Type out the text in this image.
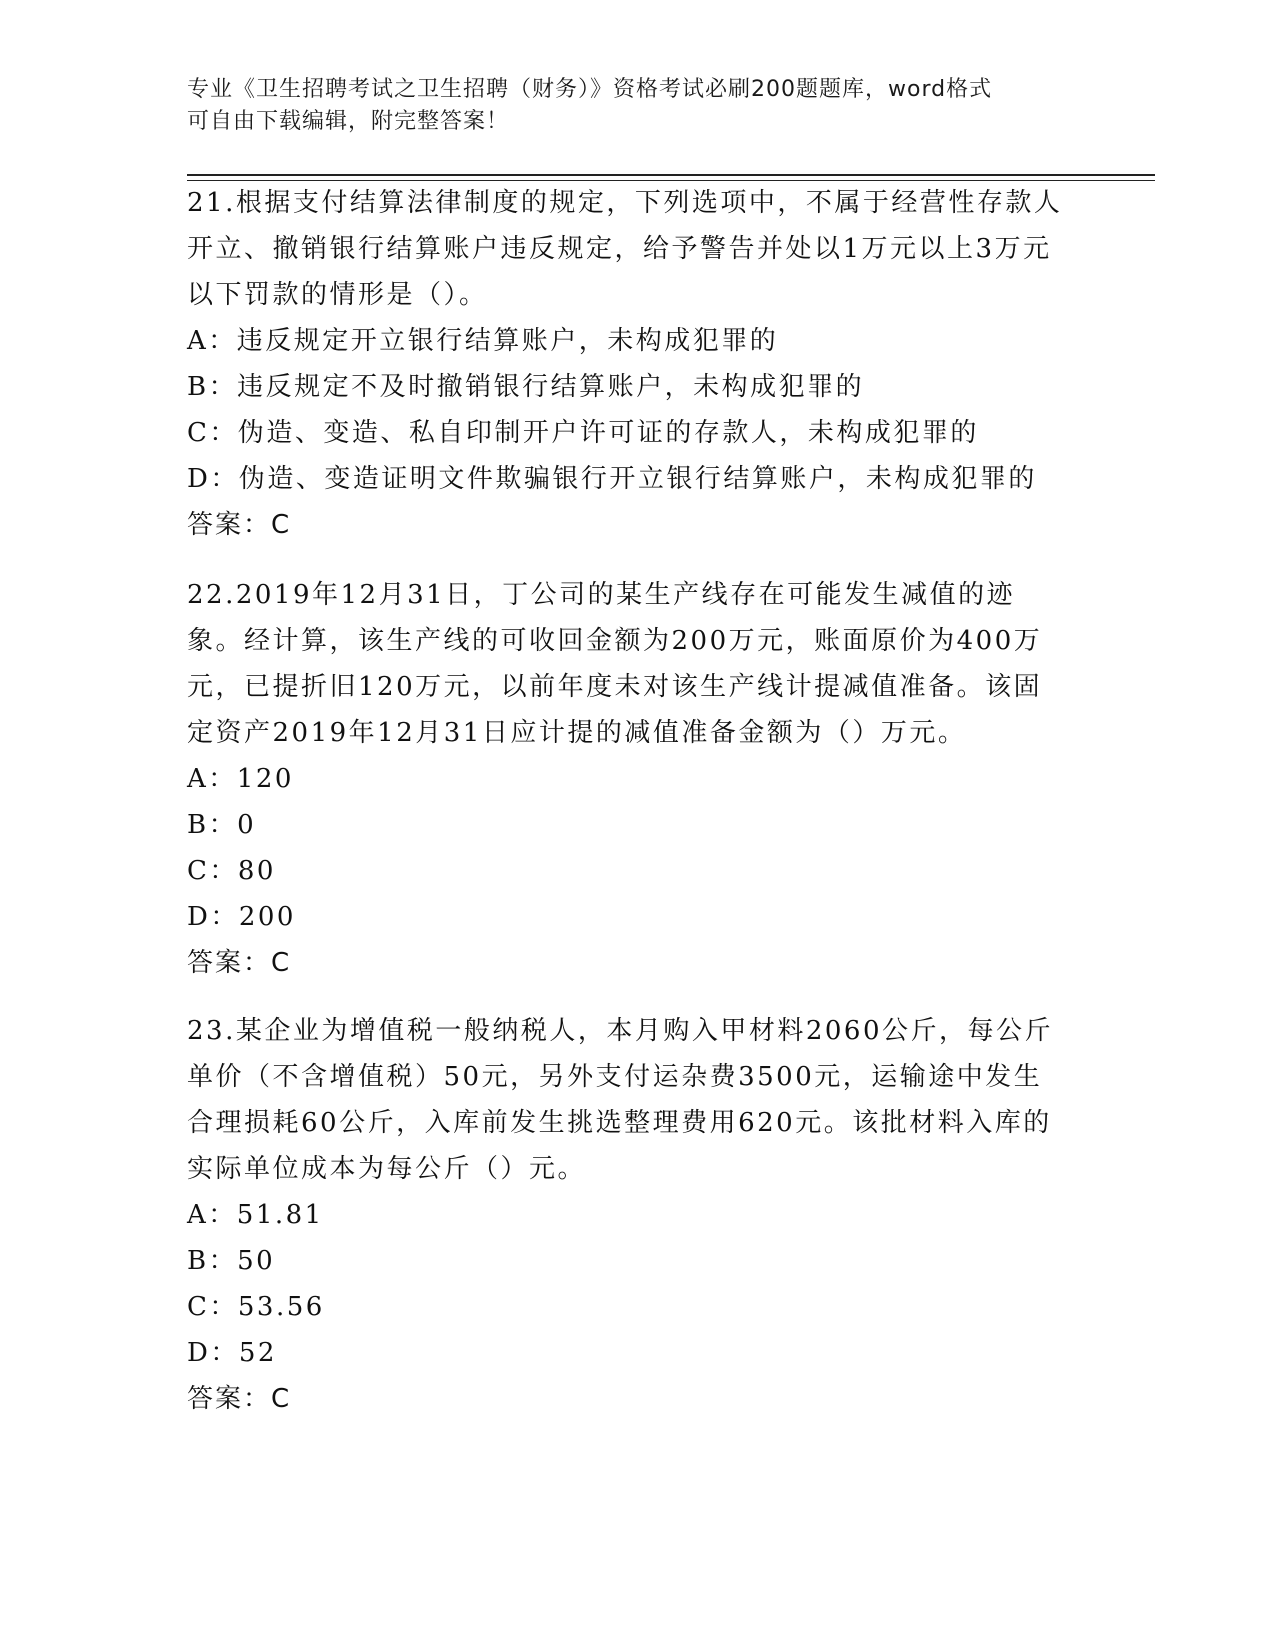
专业《卫生招聘考试之卫生招聘（财务）》资格考试必刷200题题库，word格式
可自由下载编辑，附完整答案！

21.根据支付结算法律制度的规定，下列选项中，不属于经营性存款人开立、撤销银行结算账户违反规定，给予警告并处以1万元以上3万元以下罚款的情形是（）。

A：违反规定开立银行结算账户，未构成犯罪的

B：违反规定不及时撤销银行结算账户，未构成犯罪的

C：伪造、变造、私自印制开户许可证的存款人，未构成犯罪的

D：伪造、变造证明文件欺骗银行开立银行结算账户，未构成犯罪的

答案：C

22.2019年12月31日，丁公司的某生产线存在可能发生减值的迹象。经计算，该生产线的可收回金额为200万元，账面原价为400万元，已提折旧120万元，以前年度未对该生产线计提减值准备。该固定资产2019年12月31日应计提的减值准备金额为（）万元。

A：120

B：0

C：80

D：200

答案：C

23.某企业为增值税一般纳税人，本月购入甲材料2060公斤，每公斤单价（不含增值税）50元，另外支付运杂费3500元，运输途中发生合理损耗60公斤，入库前发生挑选整理费用620元。该批材料入库的实际单位成本为每公斤（）元。

A：51.81

B：50

C：53.56

D：52

答案：C
